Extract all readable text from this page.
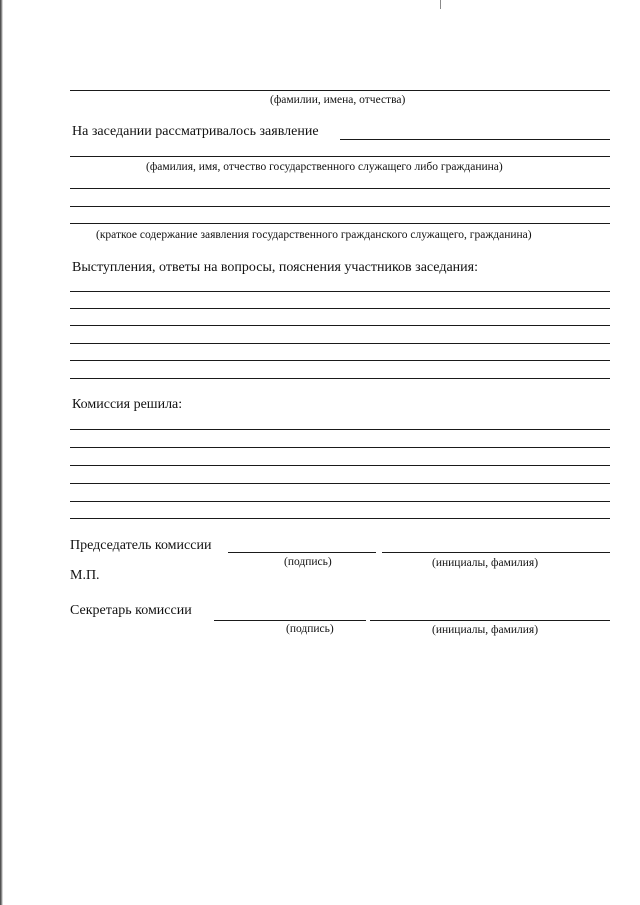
(фамилии, имена, отчества)
На заседании рассматривалось заявление
(фамилия, имя, отчество государственного служащего либо гражданина)
(краткое содержание заявления государственного гражданского служащего, гражданина)
Выступления, ответы на вопросы, пояснения участников заседания:
Комиссия решила:
Председатель комиссии
(подпись)	(инициалы, фамилия)
М.П.
Секретарь комиссии
(подпись)	(инициалы, фамилия)
